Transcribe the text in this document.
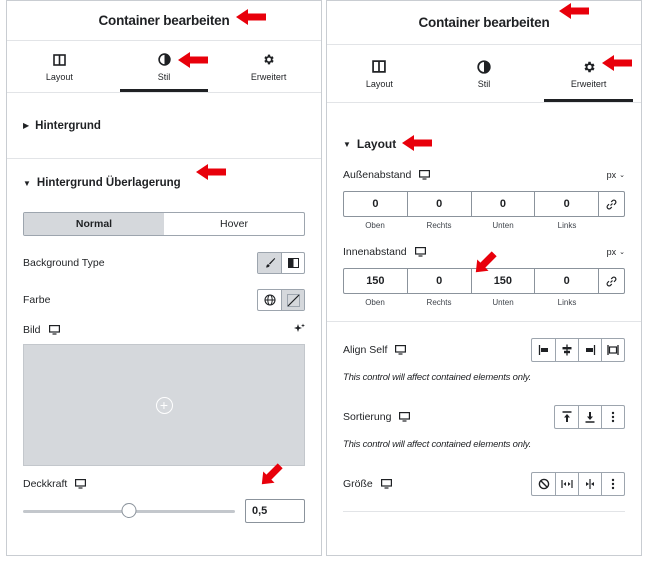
Container bearbeiten
Layout	Stil	Erweitert
▶ Hintergrund
▼ Hintergrund Überlagerung
Normal	Hover
Background Type
Farbe
Bild
+
Deckkraft
0,5
Container bearbeiten
Layout	Stil	Erweitert
▼ Layout
Außenabstand	px ⌄
0	0	0	0
Oben	Rechts	Unten	Links
Innenabstand	px ⌄
150	0	150	0
Oben	Rechts	Unten	Links
Align Self
This control will affect contained elements only.
Sortierung
This control will affect contained elements only.
Größe
